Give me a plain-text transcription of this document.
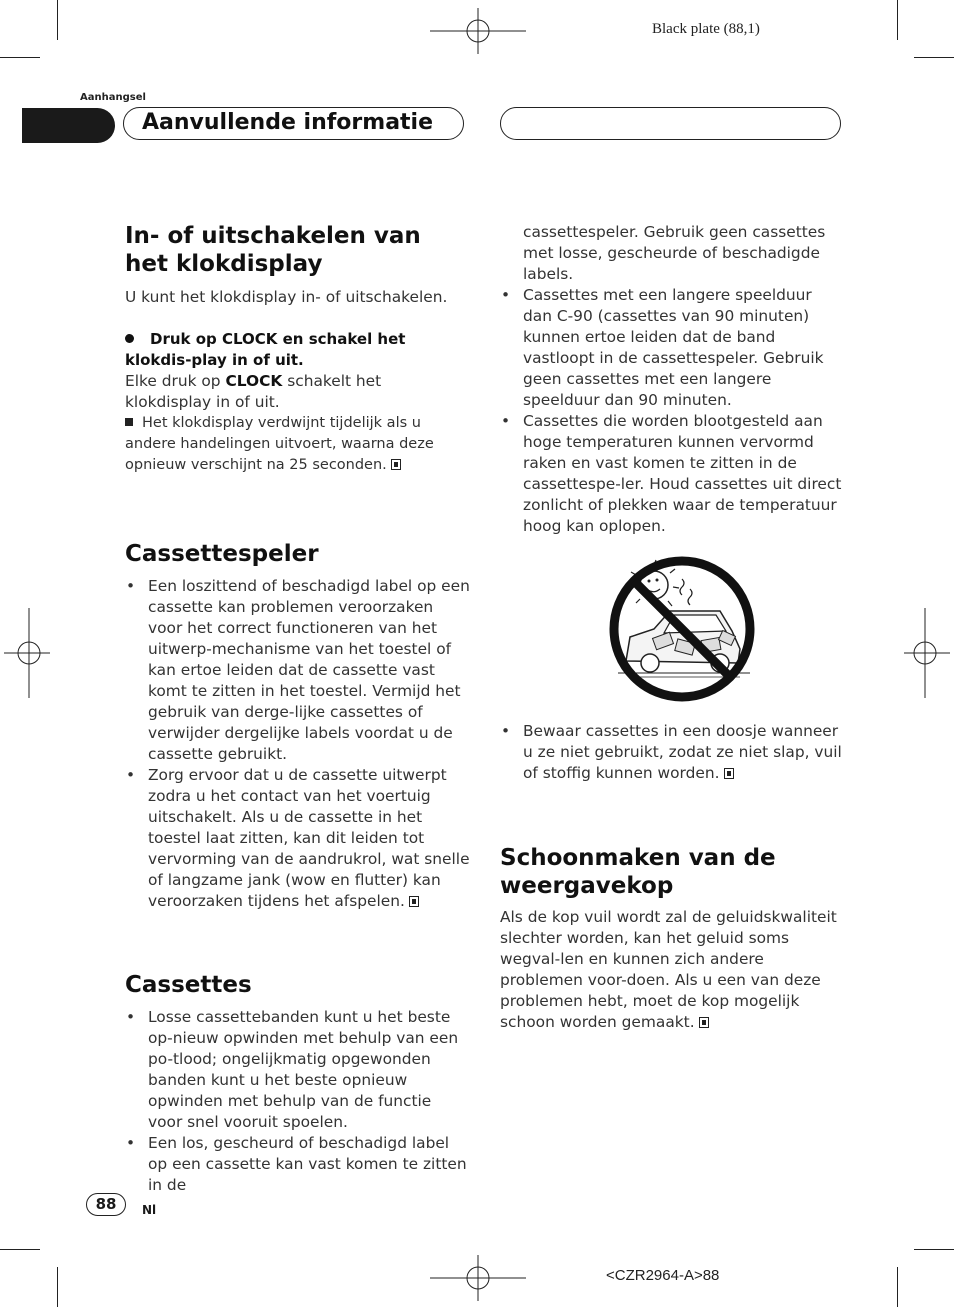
Black plate (88,1)
Aanhangsel
Aanvullende informatie
In- of uitschakelen van het klokdisplay

U kunt het klokdisplay in- of uitschakelen.

Druk op CLOCK en schakel het klokdis-play in of uit.

Elke druk op CLOCK schakelt het klokdisplay in of uit.

Het klokdisplay verdwijnt tijdelijk als u andere handelingen uitvoert, waarna deze opnieuw verschijnt na 25 seconden.
Cassettespeler
• Een loszittend of beschadigd label op een cassette kan problemen veroorzaken voor het correct functioneren van het uitwerp-mechanisme van het toestel of kan ertoe leiden dat de cassette vast komt te zitten in het toestel. Vermijd het gebruik van derge-lijke cassettes of verwijder dergelijke labels voordat u de cassette gebruikt.
• Zorg ervoor dat u de cassette uitwerpt zodra u het contact van het voertuig uitschakelt. Als u de cassette in het toestel laat zitten, kan dit leiden tot vervorming van de aandrukrol, wat snelle of langzame jank (wow en flutter) kan veroorzaken tijdens het afspelen.
Cassettes
• Losse cassettebanden kunt u het beste op-nieuw opwinden met behulp van een po-tlood; ongelijkmatig opgewonden banden kunt u het beste opnieuw opwinden met behulp van de functie voor snel vooruit spoelen.
• Een los, gescheurd of beschadigd label op een cassette kan vast komen te zitten in de
cassettespeler. Gebruik geen cassettes met losse, gescheurde of beschadigde labels.
• Cassettes met een langere speelduur dan C-90 (cassettes van 90 minuten) kunnen ertoe leiden dat de band vastloopt in de cassettespeler. Gebruik geen cassettes met een langere speelduur dan 90 minuten.
• Cassettes die worden blootgesteld aan hoge temperaturen kunnen vervormd raken en vast komen te zitten in de cassettespe-ler. Houd cassettes uit direct zonlicht of plekken waar de temperatuur hoog kan oplopen.
• Bewaar cassettes in een doosje wanneer u ze niet gebruikt, zodat ze niet slap, vuil of stoffig kunnen worden.
Schoonmaken van de weergavekop

Als de kop vuil wordt zal de geluidskwaliteit slechter worden, kan het geluid soms wegval-len en kunnen zich andere problemen voor-doen. Als u een van deze problemen hebt, moet de kop mogelijk schoon worden gemaakt.

88	Nl
<CZR2964-A>88
